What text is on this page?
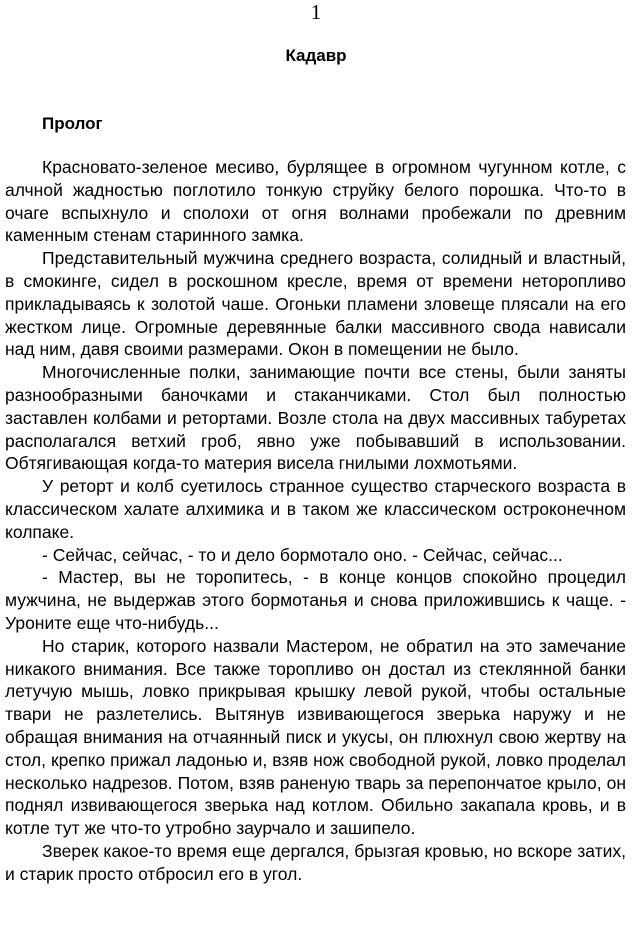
1
Кадавр
Пролог

Красновато-зеленое месиво, бурлящее в огромном чугунном котле, с алчной жадностью поглотило тонкую струйку белого порошка. Что-то в очаге вспыхнуло и сполохи от огня волнами пробежали по древним каменным стенам старинного замка.

Представительный мужчина среднего возраста, солидный и властный, в смокинге, сидел в роскошном кресле, время от времени неторопливо прикладываясь к золотой чаше. Огоньки пламени зловеще плясали на его жестком лице. Огромные деревянные балки массивного свода нависали над ним, давя своими размерами. Окон в помещении не было.

Многочисленные полки, занимающие почти все стены, были заняты разнообразными баночками и стаканчиками. Стол был полностью заставлен колбами и ретортами. Возле стола на двух массивных табуретах располагался ветхий гроб, явно уже побывавший в использовании. Обтягивающая когда-то материя висела гнилыми лохмотьями.

У реторт и колб суетилось странное существо старческого возраста в классическом халате алхимика и в таком же классическом остроконечном колпаке.

- Сейчас, сейчас, - то и дело бормотало оно. - Сейчас, сейчас...

- Мастер, вы не торопитесь, - в конце концов спокойно процедил мужчина, не выдержав этого бормотанья и снова приложившись к чаще. - Уроните еще что-нибудь...

Но старик, которого назвали Мастером, не обратил на это замечание никакого внимания. Все также торопливо он достал из стеклянной банки летучую мышь, ловко прикрывая крышку левой рукой, чтобы остальные твари не разлетелись. Вытянув извивающегося зверька наружу и не обращая внимания на отчаянный писк и укусы, он плюхнул свою жертву на стол, крепко прижал ладонью и, взяв нож свободной рукой, ловко проделал несколько надрезов. Потом, взяв раненую тварь за перепончатое крыло, он поднял извивающегося зверька над котлом. Обильно закапала кровь, и в котле тут же что-то утробно заурчало и зашипело.

Зверек какое-то время еще дергался, брызгая кровью, но вскоре затих, и старик просто отбросил его в угол.
